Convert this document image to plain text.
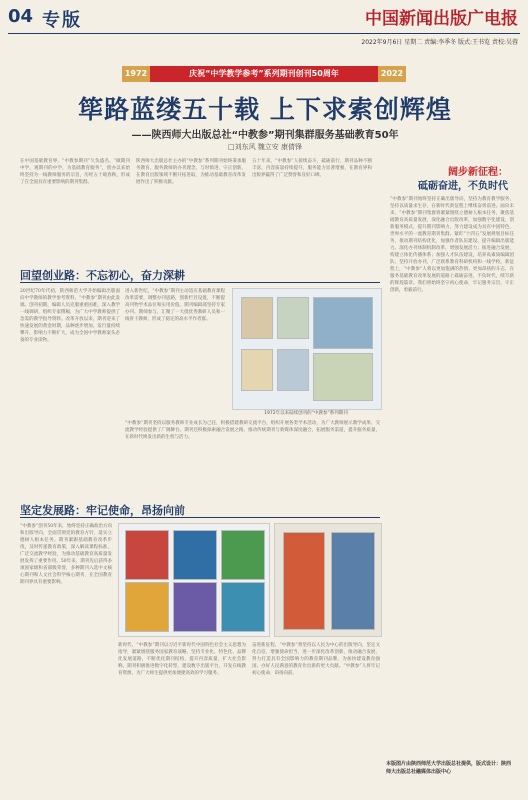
04 专版	中国新闻出版广电报
2022年9月6日 星期二 责编:李季冬 版式:王书览 责校:吴蓉
1972	庆祝“中学教学参考”系列期刊创刊50周年	2022
筚路蓝缕五十载 上下求索创辉煌
——陕西师大出版总社“中教参”期刊集群服务基础教育50年
□刘东风 魏立安 康倩锋
在中国基础教育界，“中教参期刊”久负盛名。“做期刊中学，观期刊的中学，为基础教育服务”，创办以来始终坚持为一线教师服务的宗旨，历经五十载春秋，形成了在全国具有重要影响的期刊集群。
陕西师大出版总社主办的“中教参”系列期刊始终秉承服务教育、服务教师的办刊理念，与时俱进，守正创新，在教育出版领域不断开拓进取，为推动基础教育改革发展作出了积极贡献。
五十年来，“中教参”人接续奋斗，砥砺前行，期刊品种不断丰富，内容质量持续提升，服务能力显著增强，在教育界和出版界赢得了广泛赞誉和良好口碑。	阔步新征程：
砥砺奋进，不负时代
“中教参”期刊始终坚持正确出版导向，坚持为教育教学服务，坚持以质量求生存，在新时代新征程上继续奋勇前进。面向未来，“中教参”期刊集群将紧紧围绕立德树人根本任务，聚焦基础教育高质量发展，深化融合出版改革，加强数字化建设，创新服务模式，提升期刊影响力，努力建设成为具有中国特色、世界水平的一流教育期刊集群。紧盯“十四五”发展规划目标任务，推动期刊结构优化，加强作者队伍建设，提升编辑出版能力。深化办刊体制机制改革，增强发展活力；推进融合发展，构建立体化传播体系；加强人才队伍建设，培养高素质编辑团队；坚持开放办刊，广泛联系教育科研机构和一线学校。新征程上，“中教参”人将以更加饱满的热情、更加昂扬的斗志，在服务基础教育改革发展的道路上砥砺奋进，不负时代，续写新的辉煌篇章。我们将始终坚守初心使命，牢记服务宗旨，守正创新，勇毅前行。
回望创业路：不忘初心，奋力深耕
20世纪70年代初，陕西师范大学开始编辑出版面向中学教师的教学参考资料，“中教参”期刊由此发端。创刊初期，编辑人员克服重重困难，深入教学一线调研，组织专家撰稿，为广大中学教师提供了急需的教学指导资料。改革开放以来，期刊迎来了快速发展的黄金时期，品种逐步增加，发行量持续攀升，影响力不断扩大，成为全国中学教师案头必备的专业读物。
进入新世纪，“中教参”期刊主动适应基础教育课程改革需要，调整办刊思路，创新栏目设置，不断提高刊物学术品位和实用价值。期刊编辑部坚持专家办刊、教师参与，汇聚了一大批优秀教研人员和一线骨干教师，形成了稳定的高水平作者群。
1972年以来陆续创刊的“中教参”系列期刊
“中教参”期刊坚持以服务教师专业成长为己任，积极搭建教研交流平台，组织开展各类学术活动，为广大教师展示教学成果、交流教学经验提供了广阔舞台。期刊还积极探索融合发展之路，推动传统期刊与新媒体深度融合，拓展服务渠道，提升服务质量，在新时代焕发出新的生机与活力。
坚定发展路：牢记使命，昂扬向前
“中教参”创刊50年来，始终坚持正确政治方向和出版导向，全面贯彻党的教育方针，落实立德树人根本任务。期刊紧跟基础教育改革步伐，及时传递教育政策，深入解读课程标准，广泛交流教学经验，为推动基础教育高质量发展发挥了重要作用。50年来，期刊先后获得多项国家级和省部级荣誉，多种期刊入选中文核心期刊和人文社会科学核心期刊，在全国教育期刊界具有重要影响。
新时代，“中教参”期刊以习近平新时代中国特色社会主义思想为指导，紧紧围绕服务国家教育战略，坚持专业化、特色化、品牌化发展道路，不断优化期刊结构，提升内容质量，扩大社会影响。期刊积极推进数字化转型，建设数字出版平台，开发在线教育资源，为广大师生提供更加便捷高效的学习服务。
奋进新征程，“中教参”将坚持以人民为中心的出版导向，坚定文化自信，增强使命担当，进一步深化改革创新，推动融合发展，努力打造具有全国影响力的教育期刊品牌，为加快建设教育强国、办好人民满意的教育作出新的更大贡献。“中教参”人将牢记初心使命，昂扬向前。
本版图片由陕西师范大学出版总社提供，版式设计：陕西师大出版总社融媒体出版中心
